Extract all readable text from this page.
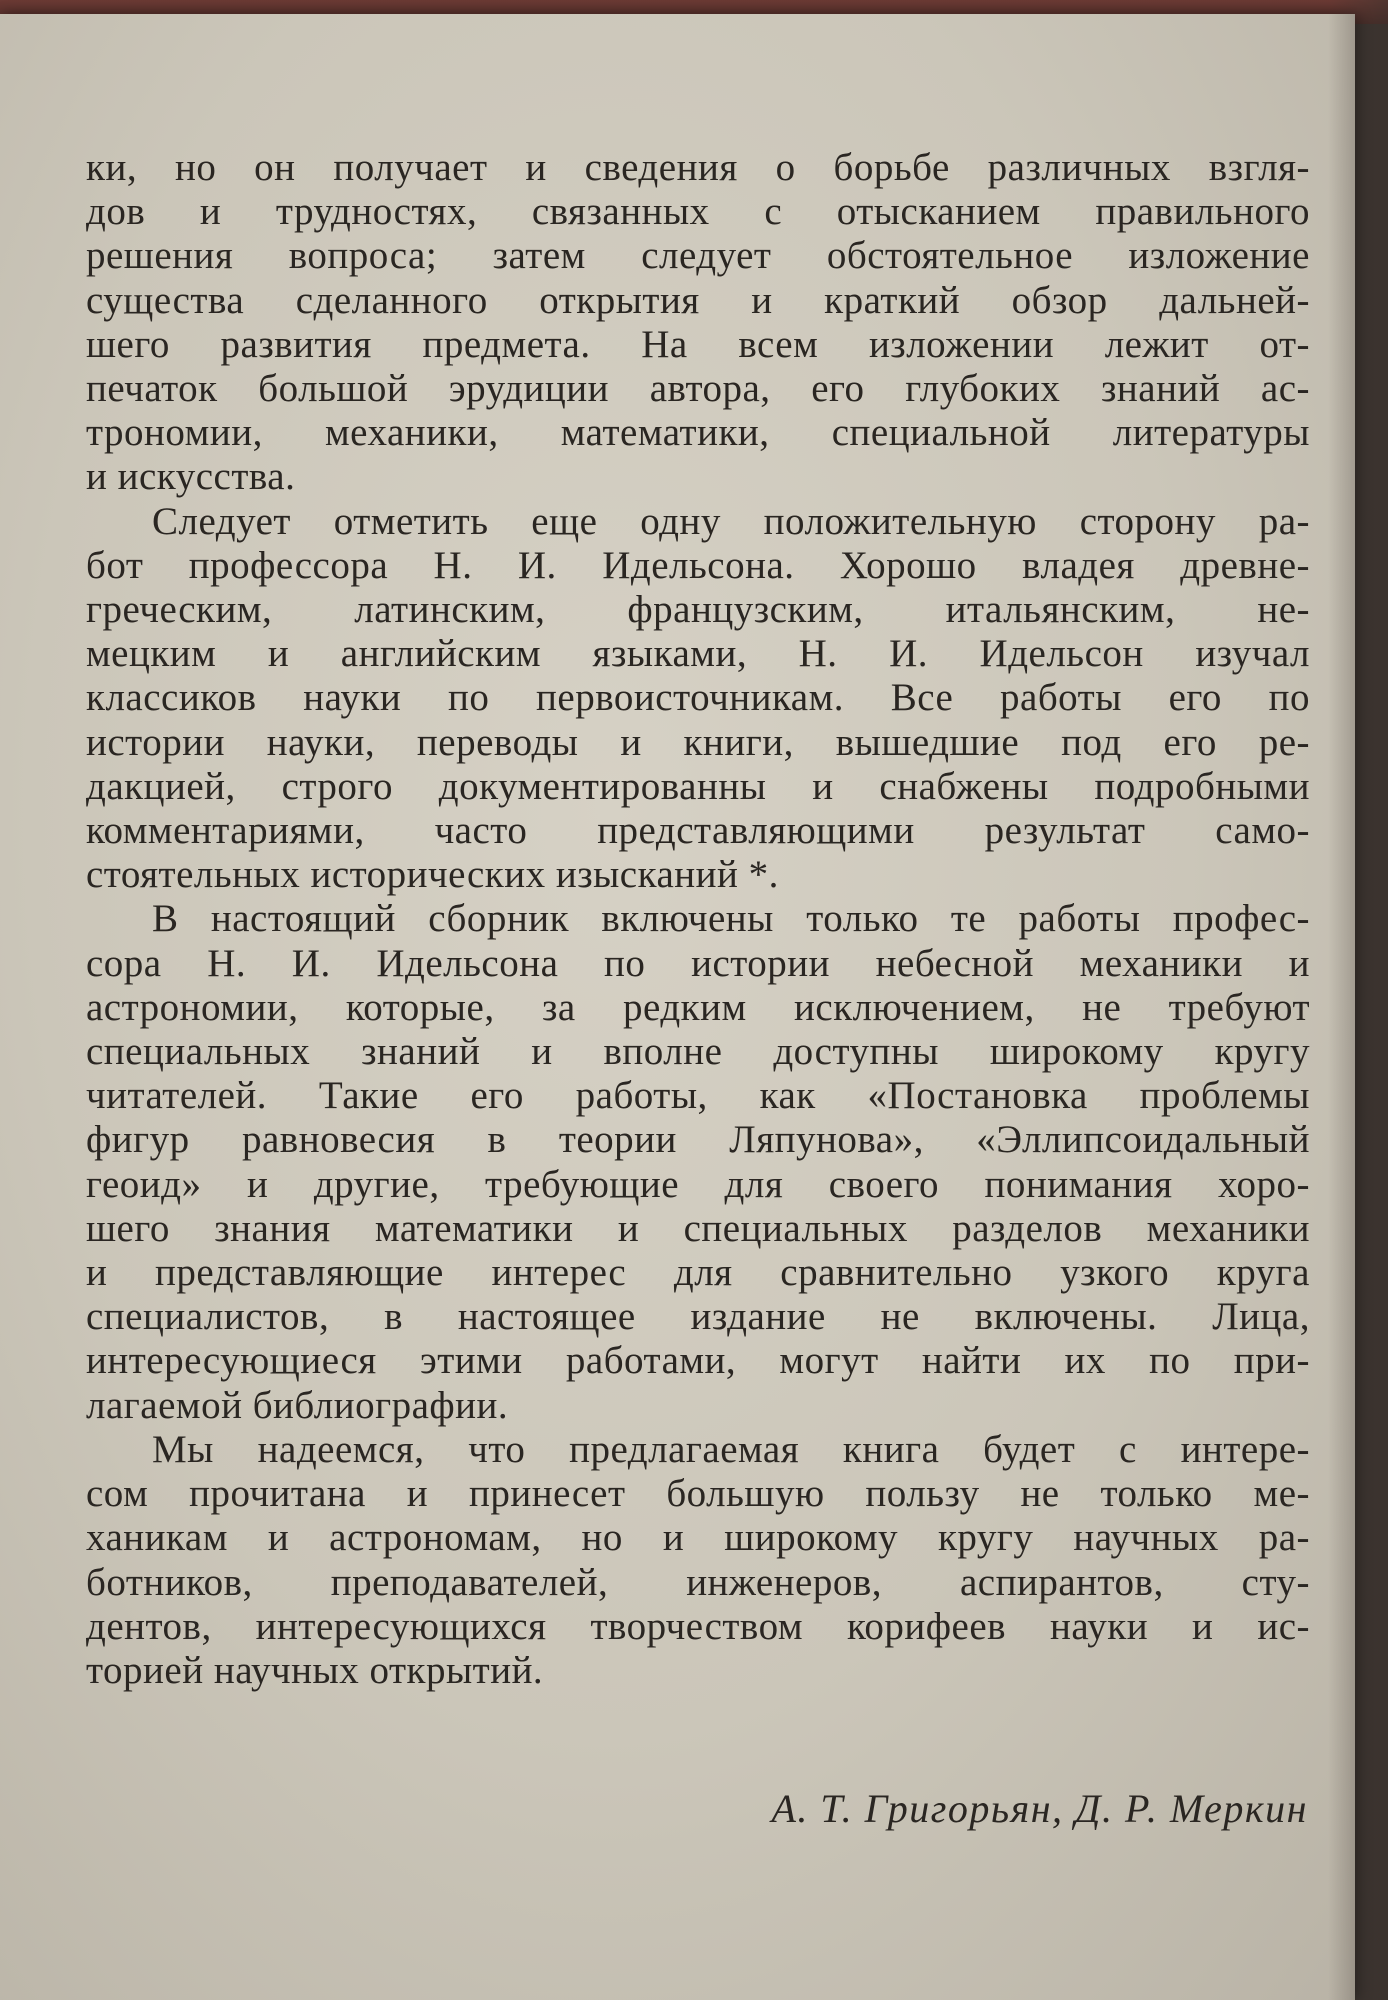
ки, но он получает и сведения о борьбе различных взгля-
дов и трудностях, связанных с отысканием правильного
решения вопроса; затем следует обстоятельное изложение
существа сделанного открытия и краткий обзор дальней-
шего развития предмета. На всем изложении лежит от-
печаток большой эрудиции автора, его глубоких знаний ас-
трономии, механики, математики, специальной литературы
и искусства.
Следует отметить еще одну положительную сторону ра-
бот профессора Н. И. Идельсона. Хорошо владея древне-
греческим, латинским, французским, итальянским, не-
мецким и английским языками, Н. И. Идельсон изучал
классиков науки по первоисточникам. Все работы его по
истории науки, переводы и книги, вышедшие под его ре-
дакцией, строго документированны и снабжены подробными
комментариями, часто представляющими результат само-
стоятельных исторических изысканий *.
В настоящий сборник включены только те работы профес-
сора Н. И. Идельсона по истории небесной механики и
астрономии, которые, за редким исключением, не требуют
специальных знаний и вполне доступны широкому кругу
читателей. Такие его работы, как «Постановка проблемы
фигур равновесия в теории Ляпунова», «Эллипсоидальный
геоид» и другие, требующие для своего понимания хоро-
шего знания математики и специальных разделов механики
и представляющие интерес для сравнительно узкого круга
специалистов, в настоящее издание не включены. Лица,
интересующиеся этими работами, могут найти их по при-
лагаемой библиографии.
Мы надеемся, что предлагаемая книга будет с интере-
сом прочитана и принесет большую пользу не только ме-
ханикам и астрономам, но и широкому кругу научных ра-
ботников, преподавателей, инженеров, аспирантов, сту-
дентов, интересующихся творчеством корифеев науки и ис-
торией научных открытий.
А. Т. Григорьян, Д. Р. Меркин
